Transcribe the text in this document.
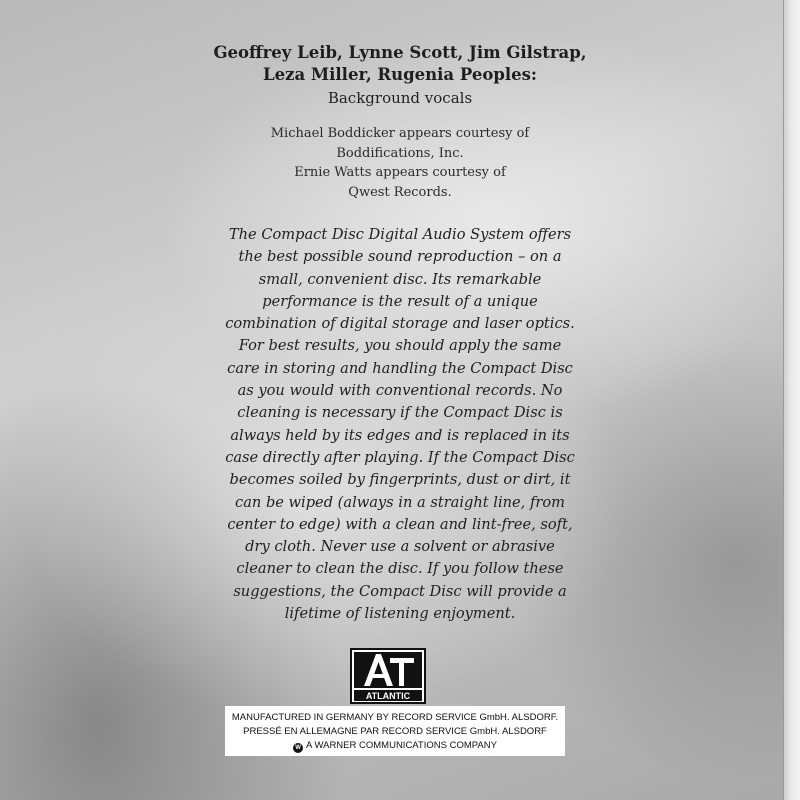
Geoffrey Leib, Lynne Scott, Jim Gilstrap,
Leza Miller, Rugenia Peoples:
Background vocals
Michael Boddicker appears courtesy of
Boddifications, Inc.
Ernie Watts appears courtesy of
Qwest Records.
The Compact Disc Digital Audio System offers
the best possible sound reproduction – on a
small, convenient disc. Its remarkable
performance is the result of a unique
combination of digital storage and laser optics.
For best results, you should apply the same
care in storing and handling the Compact Disc
as you would with conventional records. No
cleaning is necessary if the Compact Disc is
always held by its edges and is replaced in its
case directly after playing. If the Compact Disc
becomes soiled by fingerprints, dust or dirt, it
can be wiped (always in a straight line, from
center to edge) with a clean and lint-free, soft,
dry cloth. Never use a solvent or abrasive
cleaner to clean the disc. If you follow these
suggestions, the Compact Disc will provide a
lifetime of listening enjoyment.
ATLANTIC
MANUFACTURED IN GERMANY BY RECORD SERVICE GmbH. ALSDORF.
PRESSÉ EN ALLEMAGNE PAR RECORD SERVICE GmbH. ALSDORF
W A WARNER COMMUNICATIONS COMPANY
